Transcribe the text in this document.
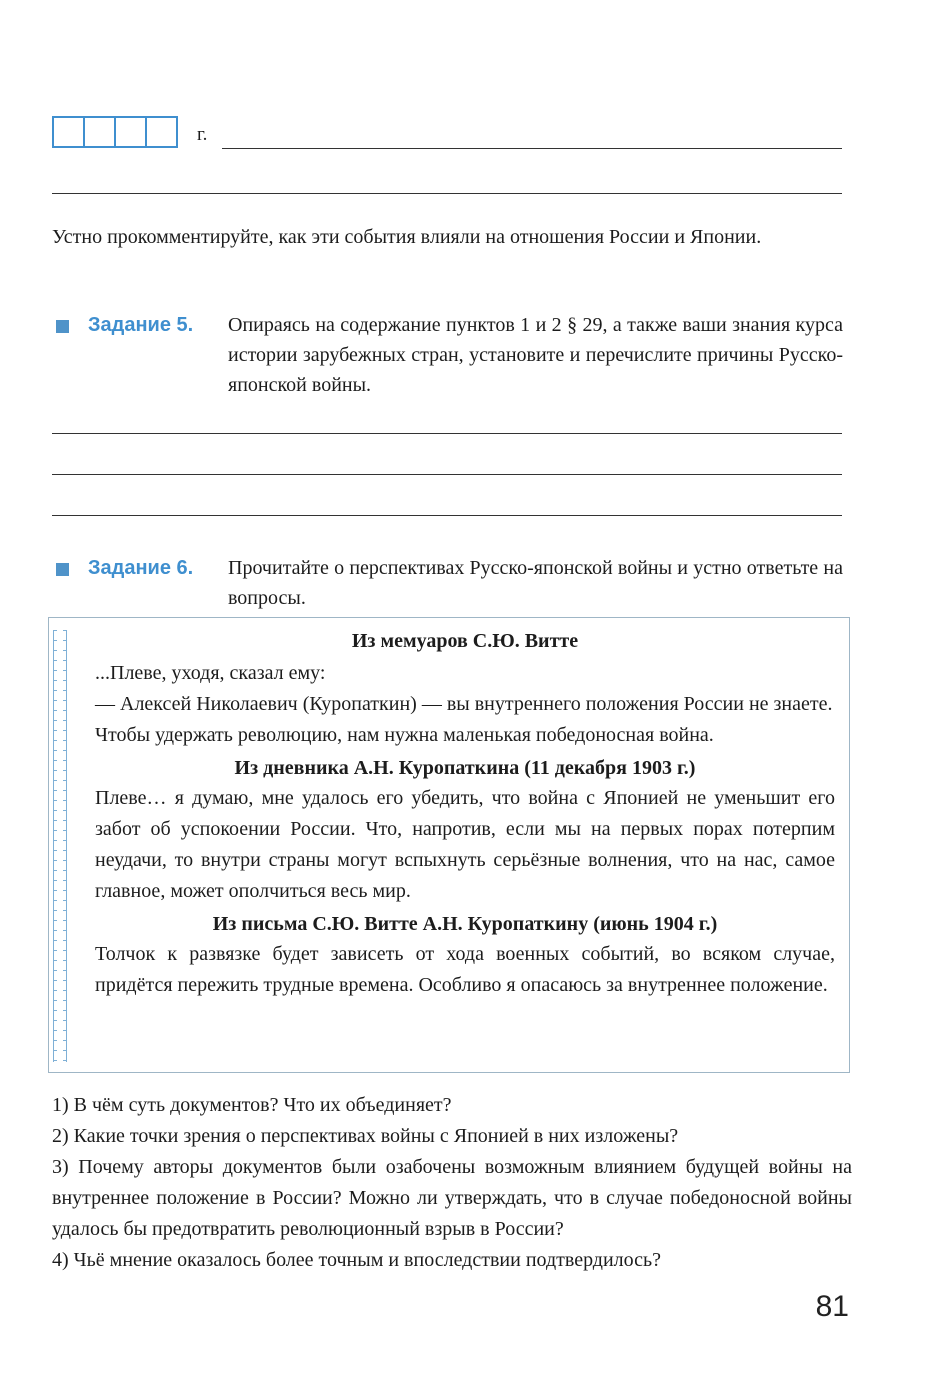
г.
Устно прокомментируйте, как эти события влияли на отношения России и Японии.
Задание 5.	Опираясь на содержание пунктов 1 и 2 § 29, а также ваши знания курса истории зарубежных стран, установите и перечислите причины Русско-японской войны.
Задание 6.	Прочитайте о перспективах Русско-японской войны и устно ответьте на вопросы.
Из мемуаров С.Ю. Витте
...Плеве, уходя, сказал ему:
— Алексей Николаевич (Куропаткин) — вы внутреннего положения России не знаете.
Чтобы удержать революцию, нам нужна маленькая победоносная война.
Из дневника А.Н. Куропаткина (11 декабря 1903 г.)
Плеве… я думаю, мне удалось его убедить, что война с Японией не уменьшит его забот об успокоении России. Что, напротив, если мы на первых порах потерпим неудачи, то внутри страны могут вспыхнуть серьёзные волнения, что на нас, самое главное, может ополчиться весь мир.
Из письма С.Ю. Витте А.Н. Куропаткину (июнь 1904 г.)
Толчок к развязке будет зависеть от хода военных событий, во всяком случае, придётся пережить трудные времена. Особливо я опасаюсь за внутреннее положение.
1) В чём суть документов? Что их объединяет?
2) Какие точки зрения о перспективах войны с Японией в них изложены?
3) Почему авторы документов были озабочены возможным влиянием будущей войны на внутреннее положение в России? Можно ли утверждать, что в случае победоносной войны удалось бы предотвратить революционный взрыв в России?
4) Чьё мнение оказалось более точным и впоследствии подтвердилось?
81
